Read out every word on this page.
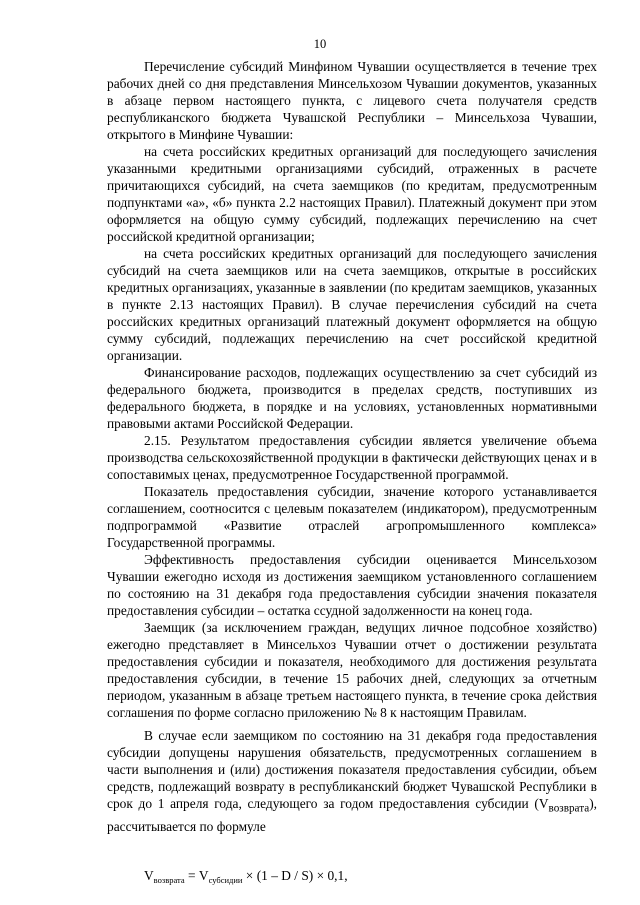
10

Перечисление субсидий Минфином Чувашии осуществляется в течение трех рабочих дней со дня представления Минсельхозом Чувашии документов, указанных в абзаце первом настоящего пункта, с лицевого счета получателя средств республиканского бюджета Чувашской Республики – Минсельхоза Чувашии, открытого в Минфине Чувашии:

на счета российских кредитных организаций для последующего зачисления указанными кредитными организациями субсидий, отраженных в расчете причитающихся субсидий, на счета заемщиков (по кредитам, предусмотренным подпунктами «а», «б» пункта 2.2 настоящих Правил). Платежный документ при этом оформляется на общую сумму субсидий, подлежащих перечислению на счет российской кредитной организации;

на счета российских кредитных организаций для последующего зачисления субсидий на счета заемщиков или на счета заемщиков, открытые в российских кредитных организациях, указанные в заявлении (по кредитам заемщиков, указанных в пункте 2.13 настоящих Правил). В случае перечисления субсидий на счета российских кредитных организаций платежный документ оформляется на общую сумму субсидий, подлежащих перечислению на счет российской кредитной организации.

Финансирование расходов, подлежащих осуществлению за счет субсидий из федерального бюджета, производится в пределах средств, поступивших из федерального бюджета, в порядке и на условиях, установленных нормативными правовыми актами Российской Федерации.

2.15. Результатом предоставления субсидии является увеличение объема производства сельскохозяйственной продукции в фактически действующих ценах и в сопоставимых ценах, предусмотренное Государственной программой.

Показатель предоставления субсидии, значение которого устанавливается соглашением, соотносится с целевым показателем (индикатором), предусмотренным подпрограммой «Развитие отраслей агропромышленного комплекса» Государственной программы.

Эффективность предоставления субсидии оценивается Минсельхозом Чувашии ежегодно исходя из достижения заемщиком установленного соглашением по состоянию на 31 декабря года предоставления субсидии значения показателя предоставления субсидии – остатка ссудной задолженности на конец года.

Заемщик (за исключением граждан, ведущих личное подсобное хозяйство) ежегодно представляет в Минсельхоз Чувашии отчет о достижении результата предоставления субсидии и показателя, необходимого для достижения результата предоставления субсидии, в течение 15 рабочих дней, следующих за отчетным периодом, указанным в абзаце третьем настоящего пункта, в течение срока действия соглашения по форме согласно приложению № 8 к настоящим Правилам.

В случае если заемщиком по состоянию на 31 декабря года предоставления субсидии допущены нарушения обязательств, предусмотренных соглашением в части выполнения и (или) достижения показателя предоставления субсидии, объем средств, подлежащий возврату в республиканский бюджет Чувашской Республики в срок до 1 апреля года, следующего за годом предоставления субсидии $(V_{возврата})$, рассчитывается по формуле

$V_{возврата} = V_{субсидии} \times (1 - D / S) \times 0,1$,
